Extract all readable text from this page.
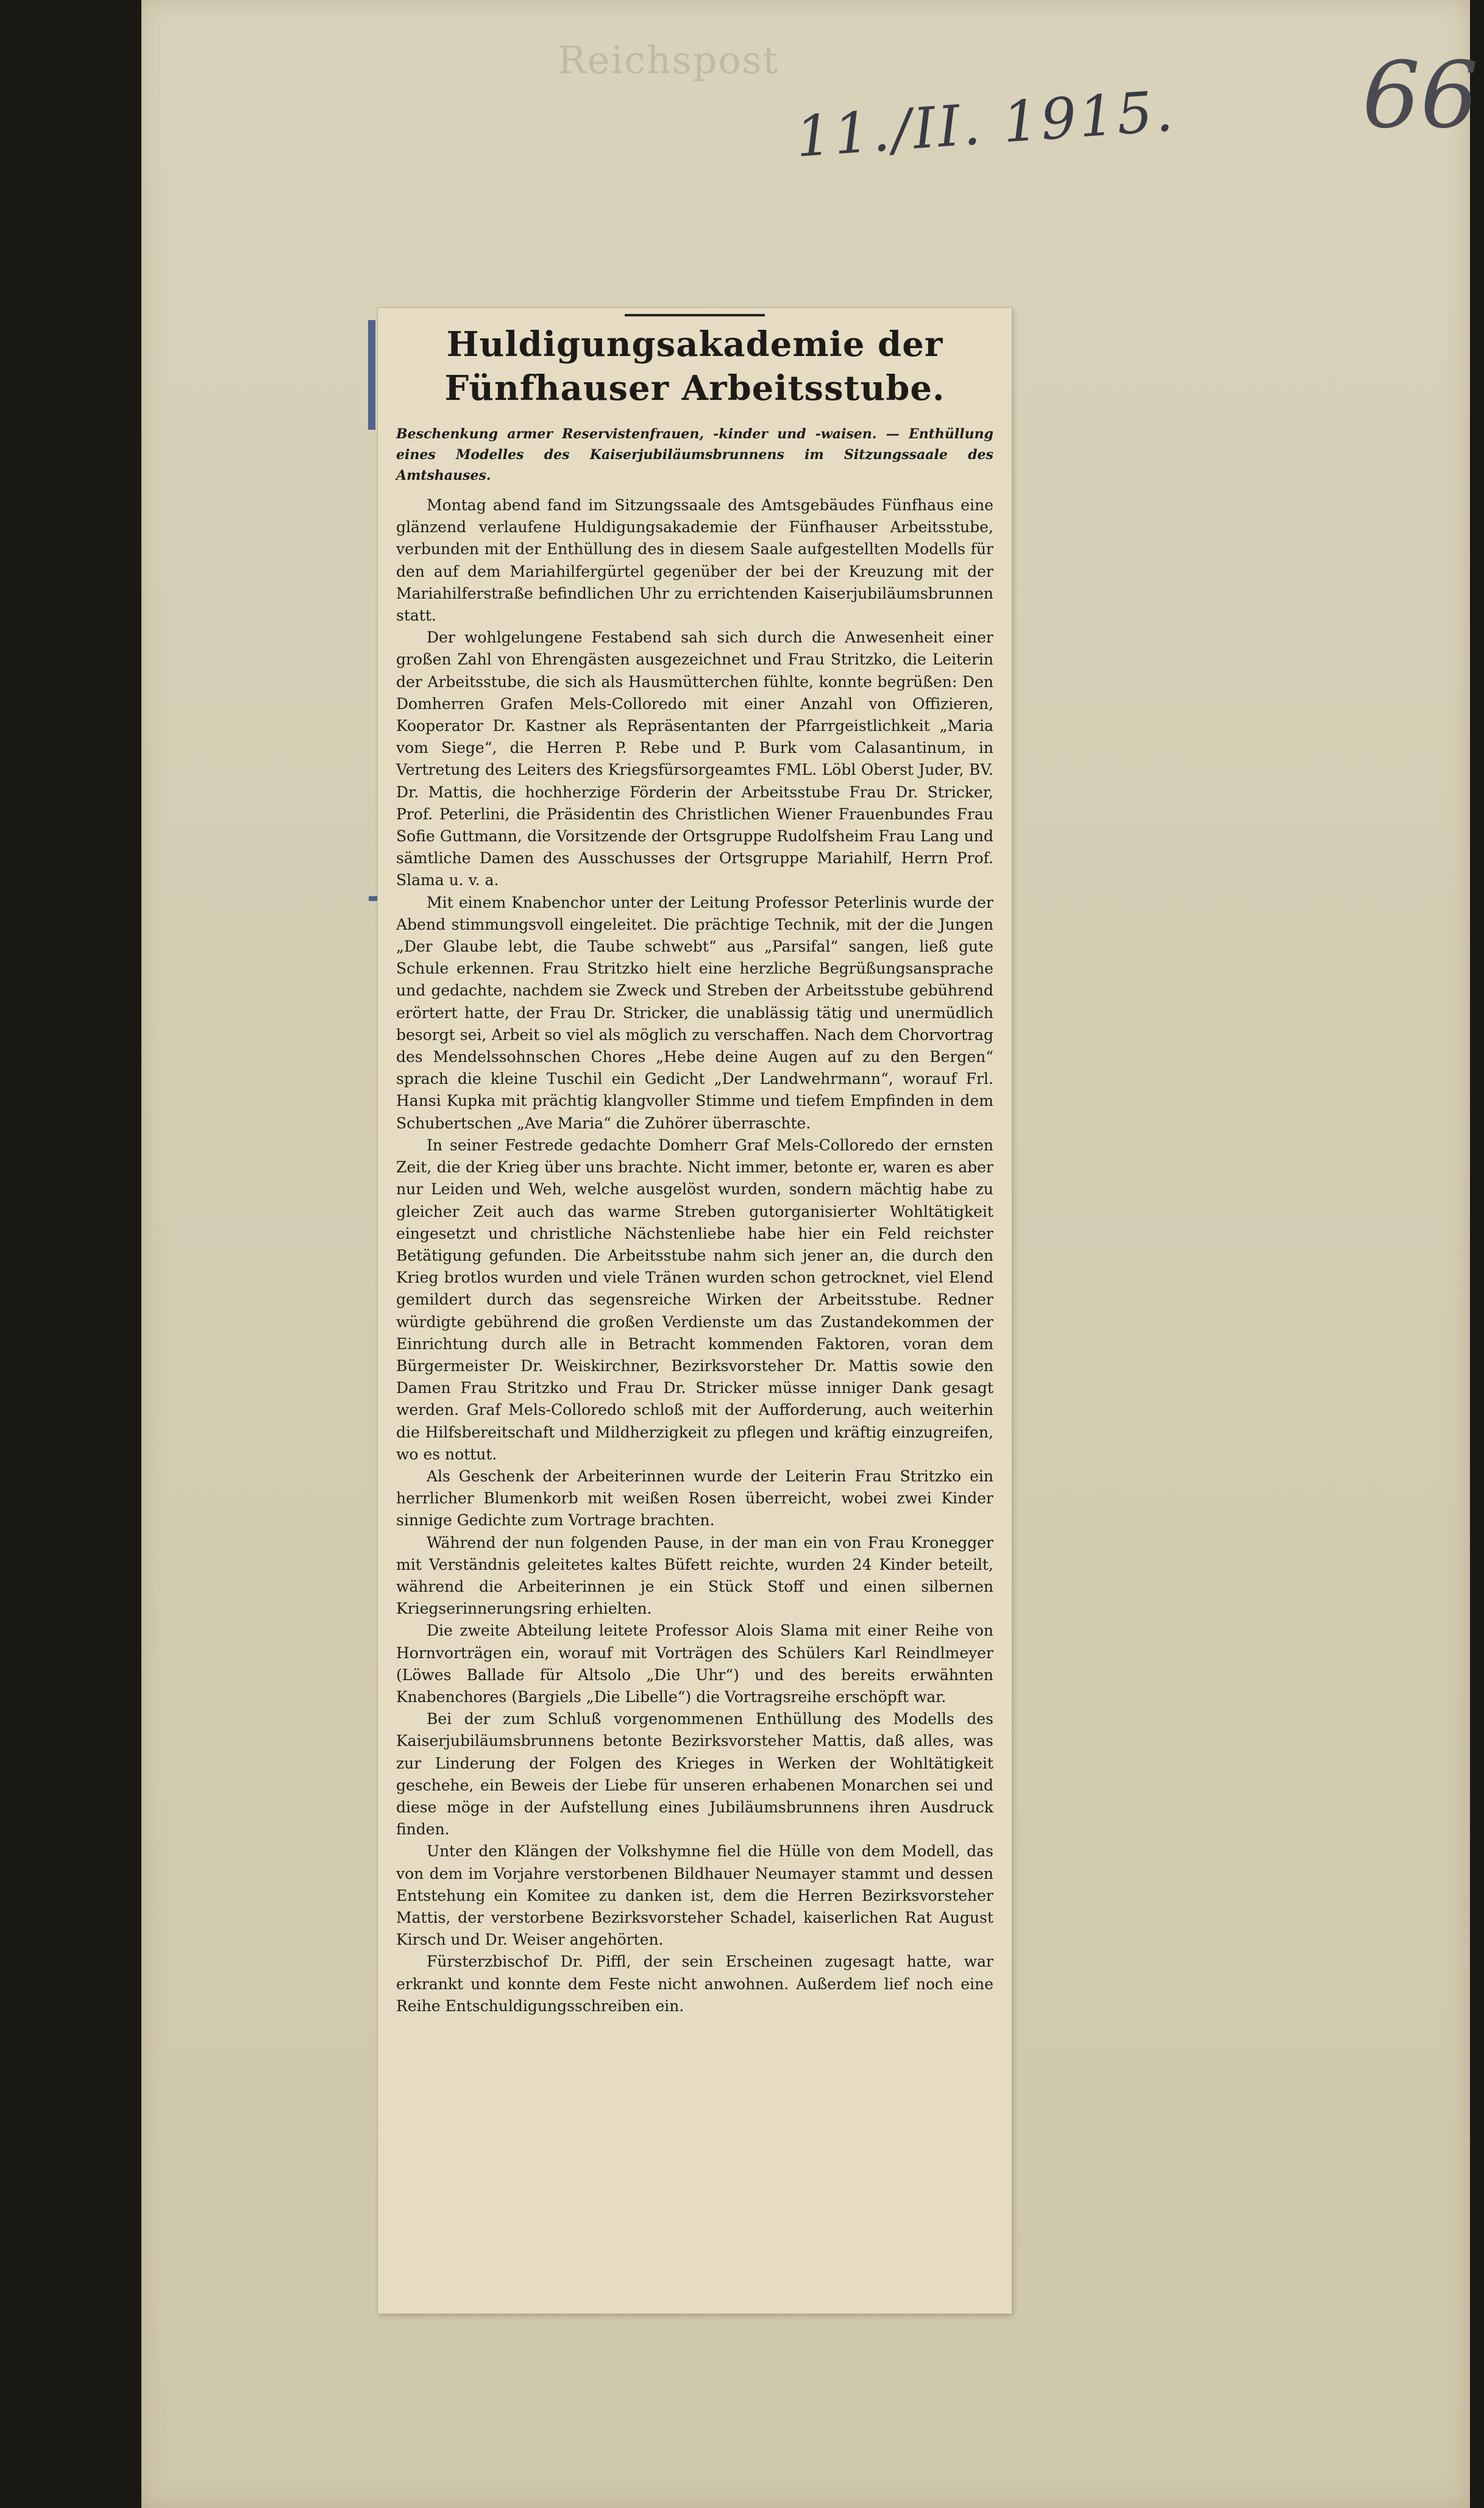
Reichspost
11./II. 1915. 66
Huldigungsakademie der Fünfhauser Arbeitsstube.
Beschenkung armer Reservistenfrauen, -kinder und -waisen. — Enthüllung eines Modelles des Kaiserjubiläumsbrunnens im Sitzungssaale des Amtshauses.

Montag abend fand im Sitzungssaale des Amtsgebäudes Fünfhaus eine glänzend verlaufene Huldigungsakademie der Fünfhauser Arbeitsstube, verbunden mit der Enthüllung des in diesem Saale aufgestellten Modells für den auf dem Mariahilfergürtel gegenüber der bei der Kreuzung mit der Mariahilferstraße befindlichen Uhr zu errichtenden Kaiserjubiläumsbrunnen statt.

Der wohlgelungene Festabend sah sich durch die Anwesenheit einer großen Zahl von Ehrengästen ausgezeichnet und Frau Stritzko, die Leiterin der Arbeitsstube, die sich als Hausmütterchen fühlte, konnte begrüßen: Den Domherren Grafen Mels-Colloredo mit einer Anzahl von Offizieren, Kooperator Dr. Kastner als Repräsentanten der Pfarrgeistlichkeit „Maria vom Siege“, die Herren P. Rebe und P. Burk vom Calasantinum, in Vertretung des Leiters des Kriegsfürsorgeamtes FML. Löbl Oberst Juder, BV. Dr. Mattis, die hochherzige Förderin der Arbeitsstube Frau Dr. Stricker, Prof. Peterlini, die Präsidentin des Christlichen Wiener Frauenbundes Frau Sofie Guttmann, die Vorsitzende der Ortsgruppe Rudolfsheim Frau Lang und sämtliche Damen des Ausschusses der Ortsgruppe Mariahilf, Herrn Prof. Slama u. v. a.

Mit einem Knabenchor unter der Leitung Professor Peterlinis wurde der Abend stimmungsvoll eingeleitet. Die prächtige Technik, mit der die Jungen „Der Glaube lebt, die Taube schwebt“ aus „Parsifal“ sangen, ließ gute Schule erkennen. Frau Stritzko hielt eine herzliche Begrüßungsansprache und gedachte, nachdem sie Zweck und Streben der Arbeitsstube gebührend erörtert hatte, der Frau Dr. Stricker, die unablässig tätig und unermüdlich besorgt sei, Arbeit so viel als möglich zu verschaffen. Nach dem Chorvortrag des Mendelssohnschen Chores „Hebe deine Augen auf zu den Bergen“ sprach die kleine Tuschil ein Gedicht „Der Landwehrmann“, worauf Frl. Hansi Kupka mit prächtig klangvoller Stimme und tiefem Empfinden in dem Schubertschen „Ave Maria“ die Zuhörer überraschte.

In seiner Festrede gedachte Domherr Graf Mels-Colloredo der ernsten Zeit, die der Krieg über uns brachte. Nicht immer, betonte er, waren es aber nur Leiden und Weh, welche ausgelöst wurden, sondern mächtig habe zu gleicher Zeit auch das warme Streben gutorganisierter Wohltätigkeit eingesetzt und christliche Nächstenliebe habe hier ein Feld reichster Betätigung gefunden. Die Arbeitsstube nahm sich jener an, die durch den Krieg brotlos wurden und viele Tränen wurden schon getrocknet, viel Elend gemildert durch das segensreiche Wirken der Arbeitsstube. Redner würdigte gebührend die großen Verdienste um das Zustandekommen der Einrichtung durch alle in Betracht kommenden Faktoren, voran dem Bürgermeister Dr. Weiskirchner, Bezirksvorsteher Dr. Mattis sowie den Damen Frau Stritzko und Frau Dr. Stricker müsse inniger Dank gesagt werden. Graf Mels-Colloredo schloß mit der Aufforderung, auch weiterhin die Hilfsbereitschaft und Mildherzigkeit zu pflegen und kräftig einzugreifen, wo es nottut.

Als Geschenk der Arbeiterinnen wurde der Leiterin Frau Stritzko ein herrlicher Blumenkorb mit weißen Rosen überreicht, wobei zwei Kinder sinnige Gedichte zum Vortrage brachten.

Während der nun folgenden Pause, in der man ein von Frau Kronegger mit Verständnis geleitetes kaltes Büfett reichte, wurden 24 Kinder beteilt, während die Arbeiterinnen je ein Stück Stoff und einen silbernen Kriegserinnerungsring erhielten.

Die zweite Abteilung leitete Professor Alois Slama mit einer Reihe von Hornvorträgen ein, worauf mit Vorträgen des Schülers Karl Reindlmeyer (Löwes Ballade für Altsolo „Die Uhr“) und des bereits erwähnten Knabenchores (Bargiels „Die Libelle“) die Vortragsreihe erschöpft war.

Bei der zum Schluß vorgenommenen Enthüllung des Modells des Kaiserjubiläumsbrunnens betonte Bezirksvorsteher Mattis, daß alles, was zur Linderung der Folgen des Krieges in Werken der Wohltätigkeit geschehe, ein Beweis der Liebe für unseren erhabenen Monarchen sei und diese möge in der Aufstellung eines Jubiläumsbrunnens ihren Ausdruck finden.

Unter den Klängen der Volkshymne fiel die Hülle von dem Modell, das von dem im Vorjahre verstorbenen Bildhauer Neumayer stammt und dessen Entstehung ein Komitee zu danken ist, dem die Herren Bezirksvorsteher Mattis, der verstorbene Bezirksvorsteher Schadel, kaiserlichen Rat August Kirsch und Dr. Weiser angehörten.

Fürsterzbischof Dr. Piffl, der sein Erscheinen zugesagt hatte, war erkrankt und konnte dem Feste nicht anwohnen. Außerdem lief noch eine Reihe Entschuldigungsschreiben ein.
